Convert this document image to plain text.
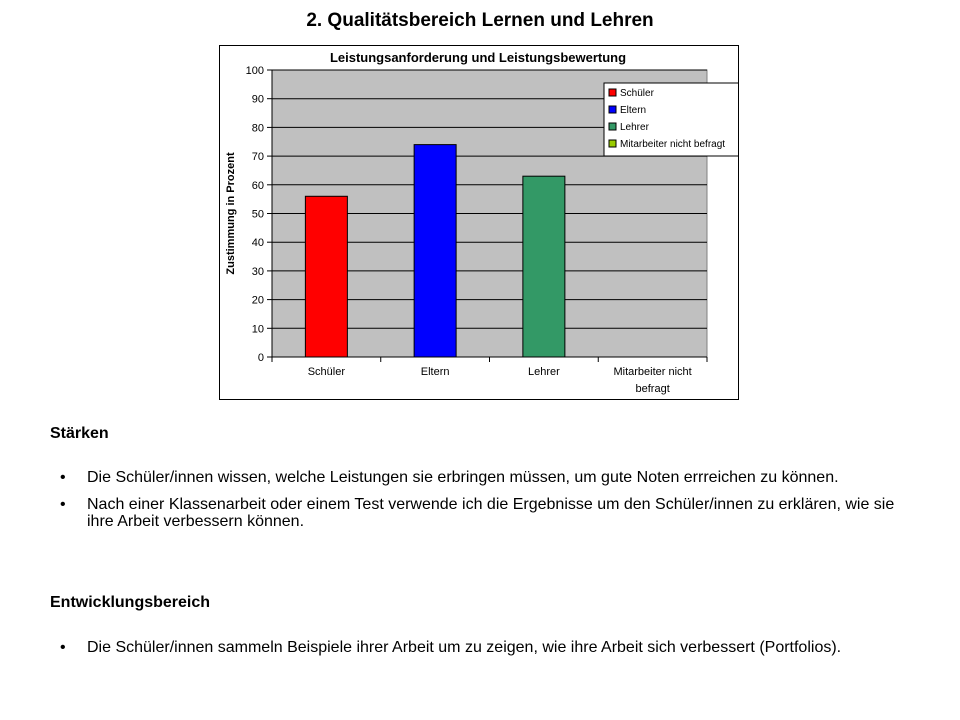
2. Qualitätsbereich Lernen und Lehren
Leistungsanforderung und Leistungsbewertung
0
10
20
30
40
50
60
70
80
90
100
Zustimmung in Prozent
Schüler	Eltern	Lehrer	Mitarbeiter nicht
befragt
Schüler
Eltern
Lehrer
Mitarbeiter nicht befragt
Stärken
• Die Schüler/innen wissen, welche Leistungen sie erbringen müssen, um gute Noten errreichen zu können.
• Nach einer Klassenarbeit oder einem Test verwende ich die Ergebnisse um den Schüler/innen zu erklären, wie sie ihre Arbeit verbessern können.
Entwicklungsbereich
• Die Schüler/innen sammeln Beispiele ihrer Arbeit um zu zeigen, wie ihre Arbeit sich verbessert (Portfolios).
